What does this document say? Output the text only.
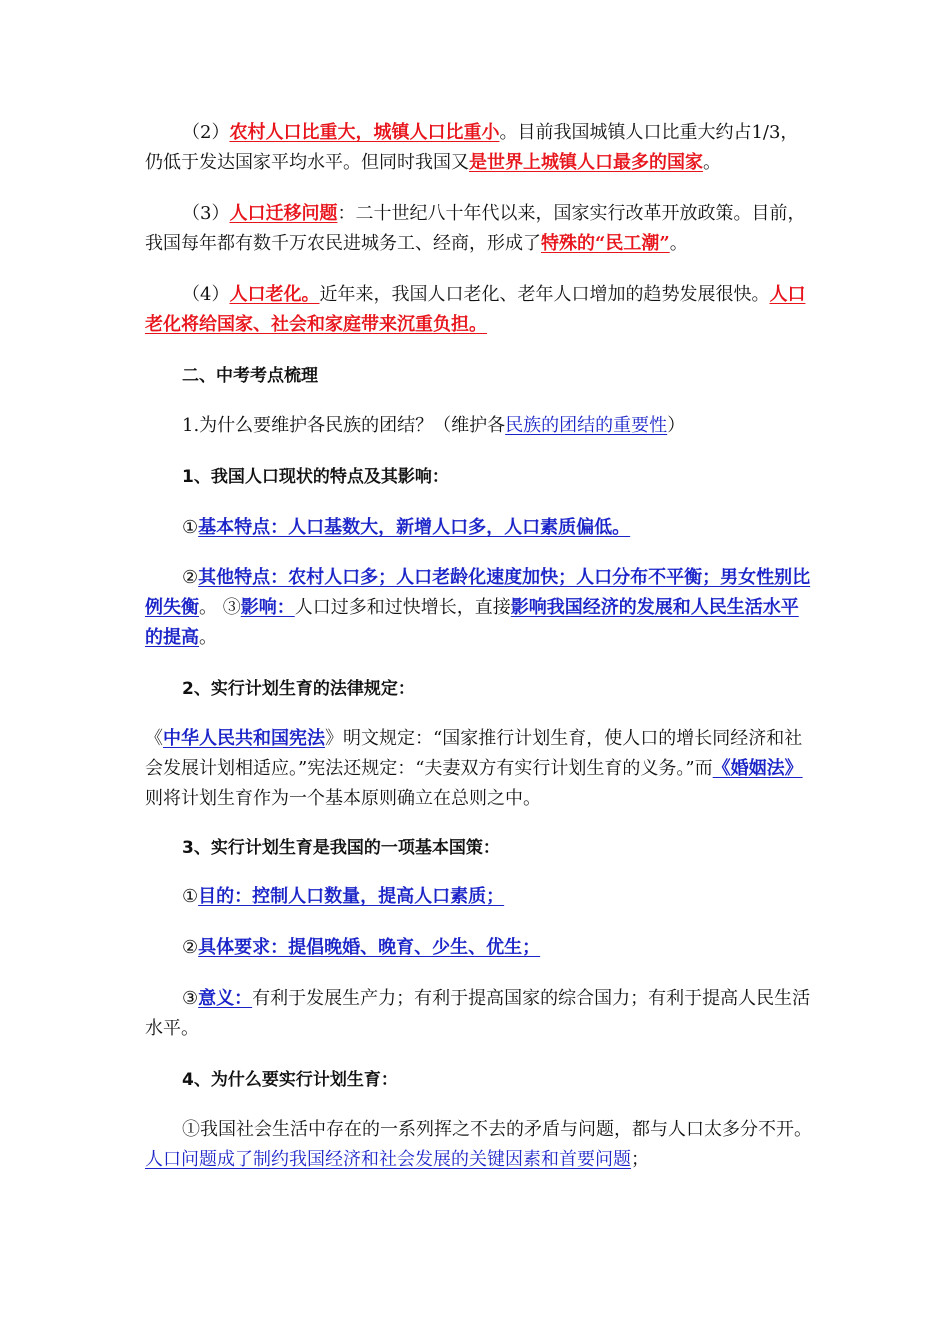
（2）农村人口比重大，城镇人口比重小。目前我国城镇人口比重大约占1/3，仍低于发达国家平均水平。但同时我国又是世界上城镇人口最多的国家。

（3）人口迁移问题：二十世纪八十年代以来，国家实行改革开放政策。目前，我国每年都有数千万农民进城务工、经商，形成了特殊的“民工潮”。

（4）人口老化。近年来，我国人口老化、老年人口增加的趋势发展很快。人口老化将给国家、社会和家庭带来沉重负担。

二、中考考点梳理

1.为什么要维护各民族的团结？（维护各民族的团结的重要性）

1、我国人口现状的特点及其影响：

①基本特点：人口基数大，新增人口多，人口素质偏低。

②其他特点：农村人口多；人口老龄化速度加快；人口分布不平衡；男女性别比例失衡。 ③影响：人口过多和过快增长，直接影响我国经济的发展和人民生活水平的提高。

2、实行计划生育的法律规定：

《中华人民共和国宪法》明文规定：“国家推行计划生育，使人口的增长同经济和社会发展计划相适应。”宪法还规定：“夫妻双方有实行计划生育的义务。”而《婚姻法》则将计划生育作为一个基本原则确立在总则之中。

3、实行计划生育是我国的一项基本国策：

①目的：控制人口数量，提高人口素质；

②具体要求：提倡晚婚、晚育、少生、优生；

③意义：有利于发展生产力；有利于提高国家的综合国力；有利于提高人民生活水平。

4、为什么要实行计划生育：

①我国社会生活中存在的一系列挥之不去的矛盾与问题，都与人口太多分不开。人口问题成了制约我国经济和社会发展的关键因素和首要问题；
